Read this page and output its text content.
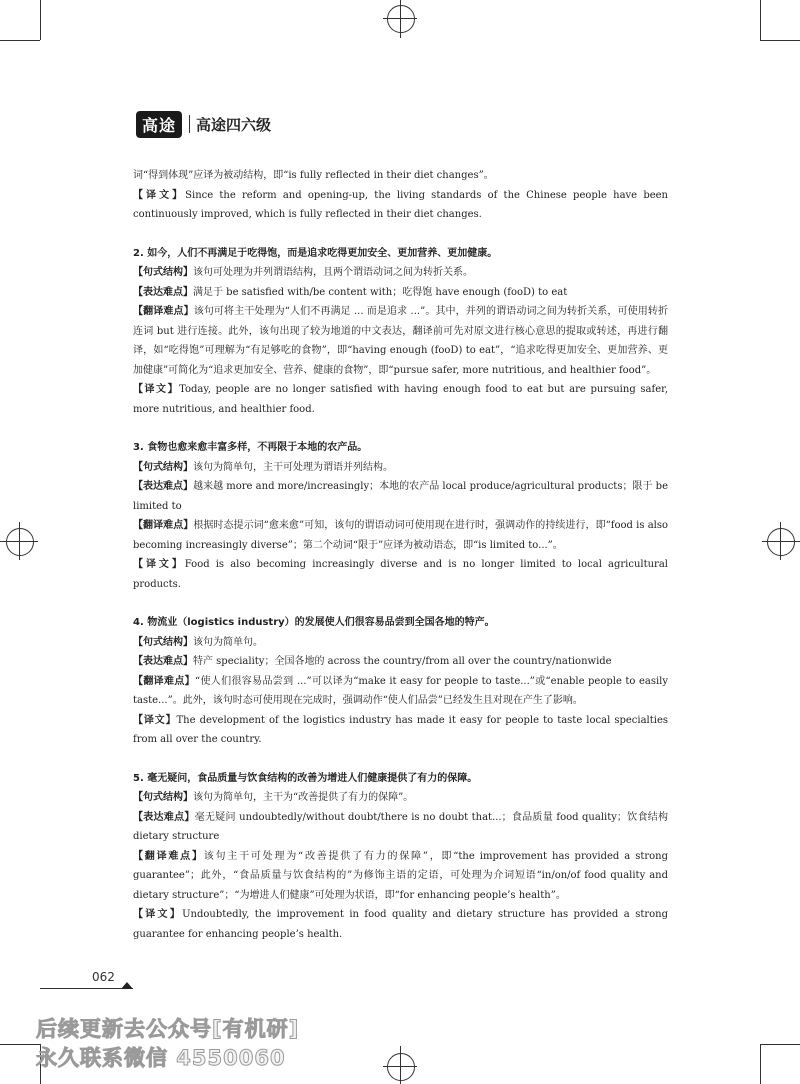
高途	高途四六级

词“得到体现”应译为被动结构，即“is fully reflected in their diet changes”。

【译文】Since the reform and opening-up, the living standards of the Chinese people have been continuously improved, which is fully reflected in their diet changes.

2. 如今，人们不再满足于吃得饱，而是追求吃得更加安全、更加营养、更加健康。

【句式结构】该句可处理为并列谓语结构，且两个谓语动词之间为转折关系。

【表达难点】满足于 be satisfied with/be content with；吃得饱 have enough (fooD) to eat

【翻译难点】该句可将主干处理为“人们不再满足 ... 而是追求 ...”。其中，并列的谓语动词之间为转折关系，可使用转折连词 but 进行连接。此外，该句出现了较为地道的中文表达，翻译前可先对原文进行核心意思的提取或转述，再进行翻译，如“吃得饱”可理解为“有足够吃的食物”，即“having enough (fooD) to eat”，“追求吃得更加安全、更加营养、更加健康”可简化为“追求更加安全、营养、健康的食物”，即“pursue safer, more nutritious, and healthier food”。

【译文】Today, people are no longer satisfied with having enough food to eat but are pursuing safer, more nutritious, and healthier food.

3. 食物也愈来愈丰富多样，不再限于本地的农产品。

【句式结构】该句为简单句，主干可处理为谓语并列结构。

【表达难点】越来越 more and more/increasingly；本地的农产品 local produce/agricultural products；限于 be limited to

【翻译难点】根据时态提示词“愈来愈”可知，该句的谓语动词可使用现在进行时，强调动作的持续进行，即“food is also becoming increasingly diverse”；第二个动词“限于”应译为被动语态，即“is limited to...”。

【译文】Food is also becoming increasingly diverse and is no longer limited to local agricultural products.

4. 物流业（logistics industry）的发展使人们很容易品尝到全国各地的特产。

【句式结构】该句为简单句。

【表达难点】特产 speciality；全国各地的 across the country/from all over the country/nationwide

【翻译难点】“使人们很容易品尝到 ...”可以译为“make it easy for people to taste...”或“enable people to easily taste...”。此外，该句时态可使用现在完成时，强调动作“使人们品尝”已经发生且对现在产生了影响。

【译文】The development of the logistics industry has made it easy for people to taste local specialties from all over the country.

5. 毫无疑问，食品质量与饮食结构的改善为增进人们健康提供了有力的保障。

【句式结构】该句为简单句，主干为“改善提供了有力的保障”。

【表达难点】毫无疑问 undoubtedly/without doubt/there is no doubt that...；食品质量 food quality；饮食结构 dietary structure

【翻译难点】该句主干可处理为“改善提供了有力的保障”，即“the improvement has provided a strong guarantee”；此外，“食品质量与饮食结构的”为修饰主语的定语，可处理为介词短语“in/on/of food quality and dietary structure”；“为增进人们健康”可处理为状语，即“for enhancing people’s health”。

【译文】Undoubtedly, the improvement in food quality and dietary structure has provided a strong guarantee for enhancing people’s health.

062
后续更新去公众号[有机研]
永久联系微信 4550060
